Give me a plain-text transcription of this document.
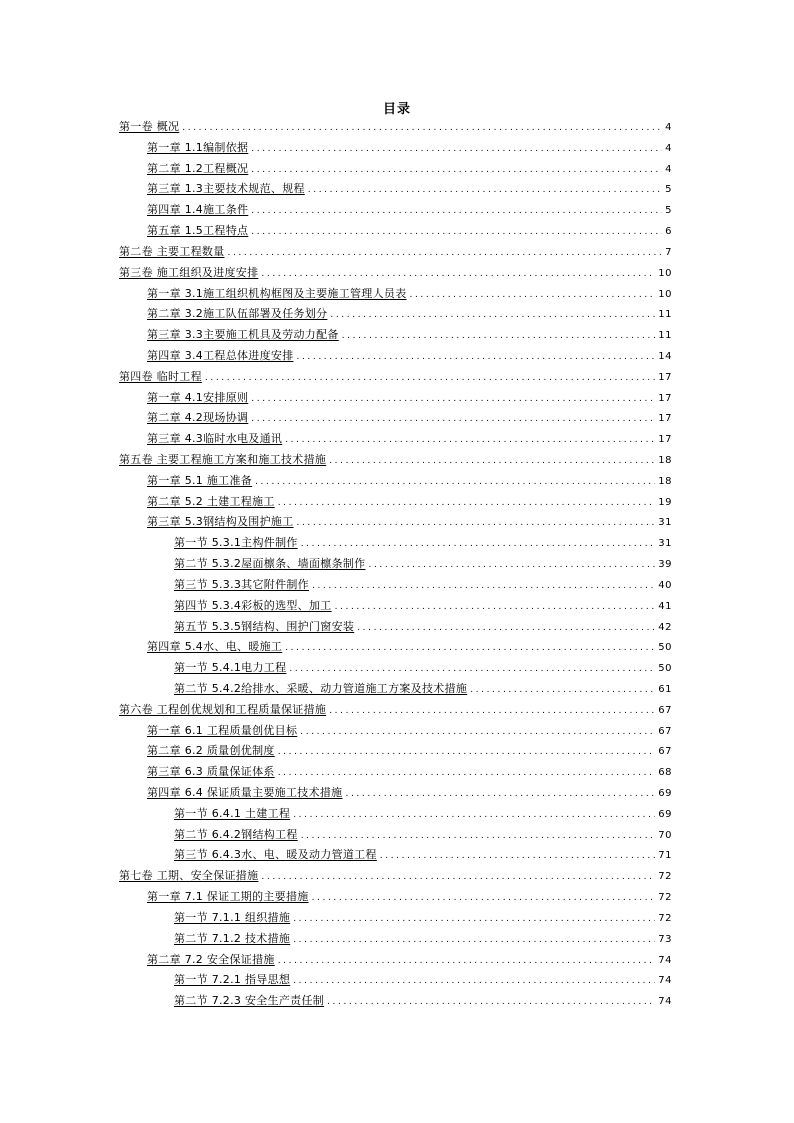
目录
第一卷 概况 .....	4
第一章 1.1编制依据 .....	4
第二章 1.2工程概况 .....	4
第三章 1.3主要技术规范、规程 .....	5
第四章 1.4施工条件 .....	5
第五章 1.5工程特点 .....	6
第二卷 主要工程数量 .....	7
第三卷 施工组织及进度安排 .....	10
第一章 3.1施工组织机构框图及主要施工管理人员表 .....	10
第二章 3.2施工队伍部署及任务划分 .....	11
第三章 3.3主要施工机具及劳动力配备 .....	11
第四章 3.4工程总体进度安排 .....	14
第四卷 临时工程 .....	17
第一章 4.1安排原则 .....	17
第二章 4.2现场协调 .....	17
第三章 4.3临时水电及通讯 .....	17
第五卷 主要工程施工方案和施工技术措施 .....	18
第一章 5.1 施工准备 .....	18
第二章 5.2 土建工程施工 .....	19
第三章 5.3钢结构及围护施工 .....	31
第一节 5.3.1主构件制作 .....	31
第二节 5.3.2屋面檩条、墙面檩条制作 .....	39
第三节 5.3.3其它附件制作 .....	40
第四节 5.3.4彩板的选型、加工 .....	41
第五节 5.3.5钢结构、围护门窗安装 .....	42
第四章 5.4水、电、暖施工 .....	50
第一节 5.4.1电力工程 .....	50
第二节 5.4.2给排水、采暖、动力管道施工方案及技术措施 .....	61
第六卷 工程创优规划和工程质量保证措施 .....	67
第一章 6.1 工程质量创优目标 .....	67
第二章 6.2 质量创优制度 .....	67
第三章 6.3 质量保证体系 .....	68
第四章 6.4 保证质量主要施工技术措施 .....	69
第一节 6.4.1 土建工程 .....	69
第二节 6.4.2钢结构工程 .....	70
第三节 6.4.3水、电、暖及动力管道工程 .....	71
第七卷 工期、安全保证措施 .....	72
第一章 7.1 保证工期的主要措施 .....	72
第一节 7.1.1 组织措施 .....	72
第二节 7.1.2 技术措施 .....	73
第二章 7.2 安全保证措施 .....	74
第一节 7.2.1 指导思想 .....	74
第二节 7.2.3 安全生产责任制 .....	74
